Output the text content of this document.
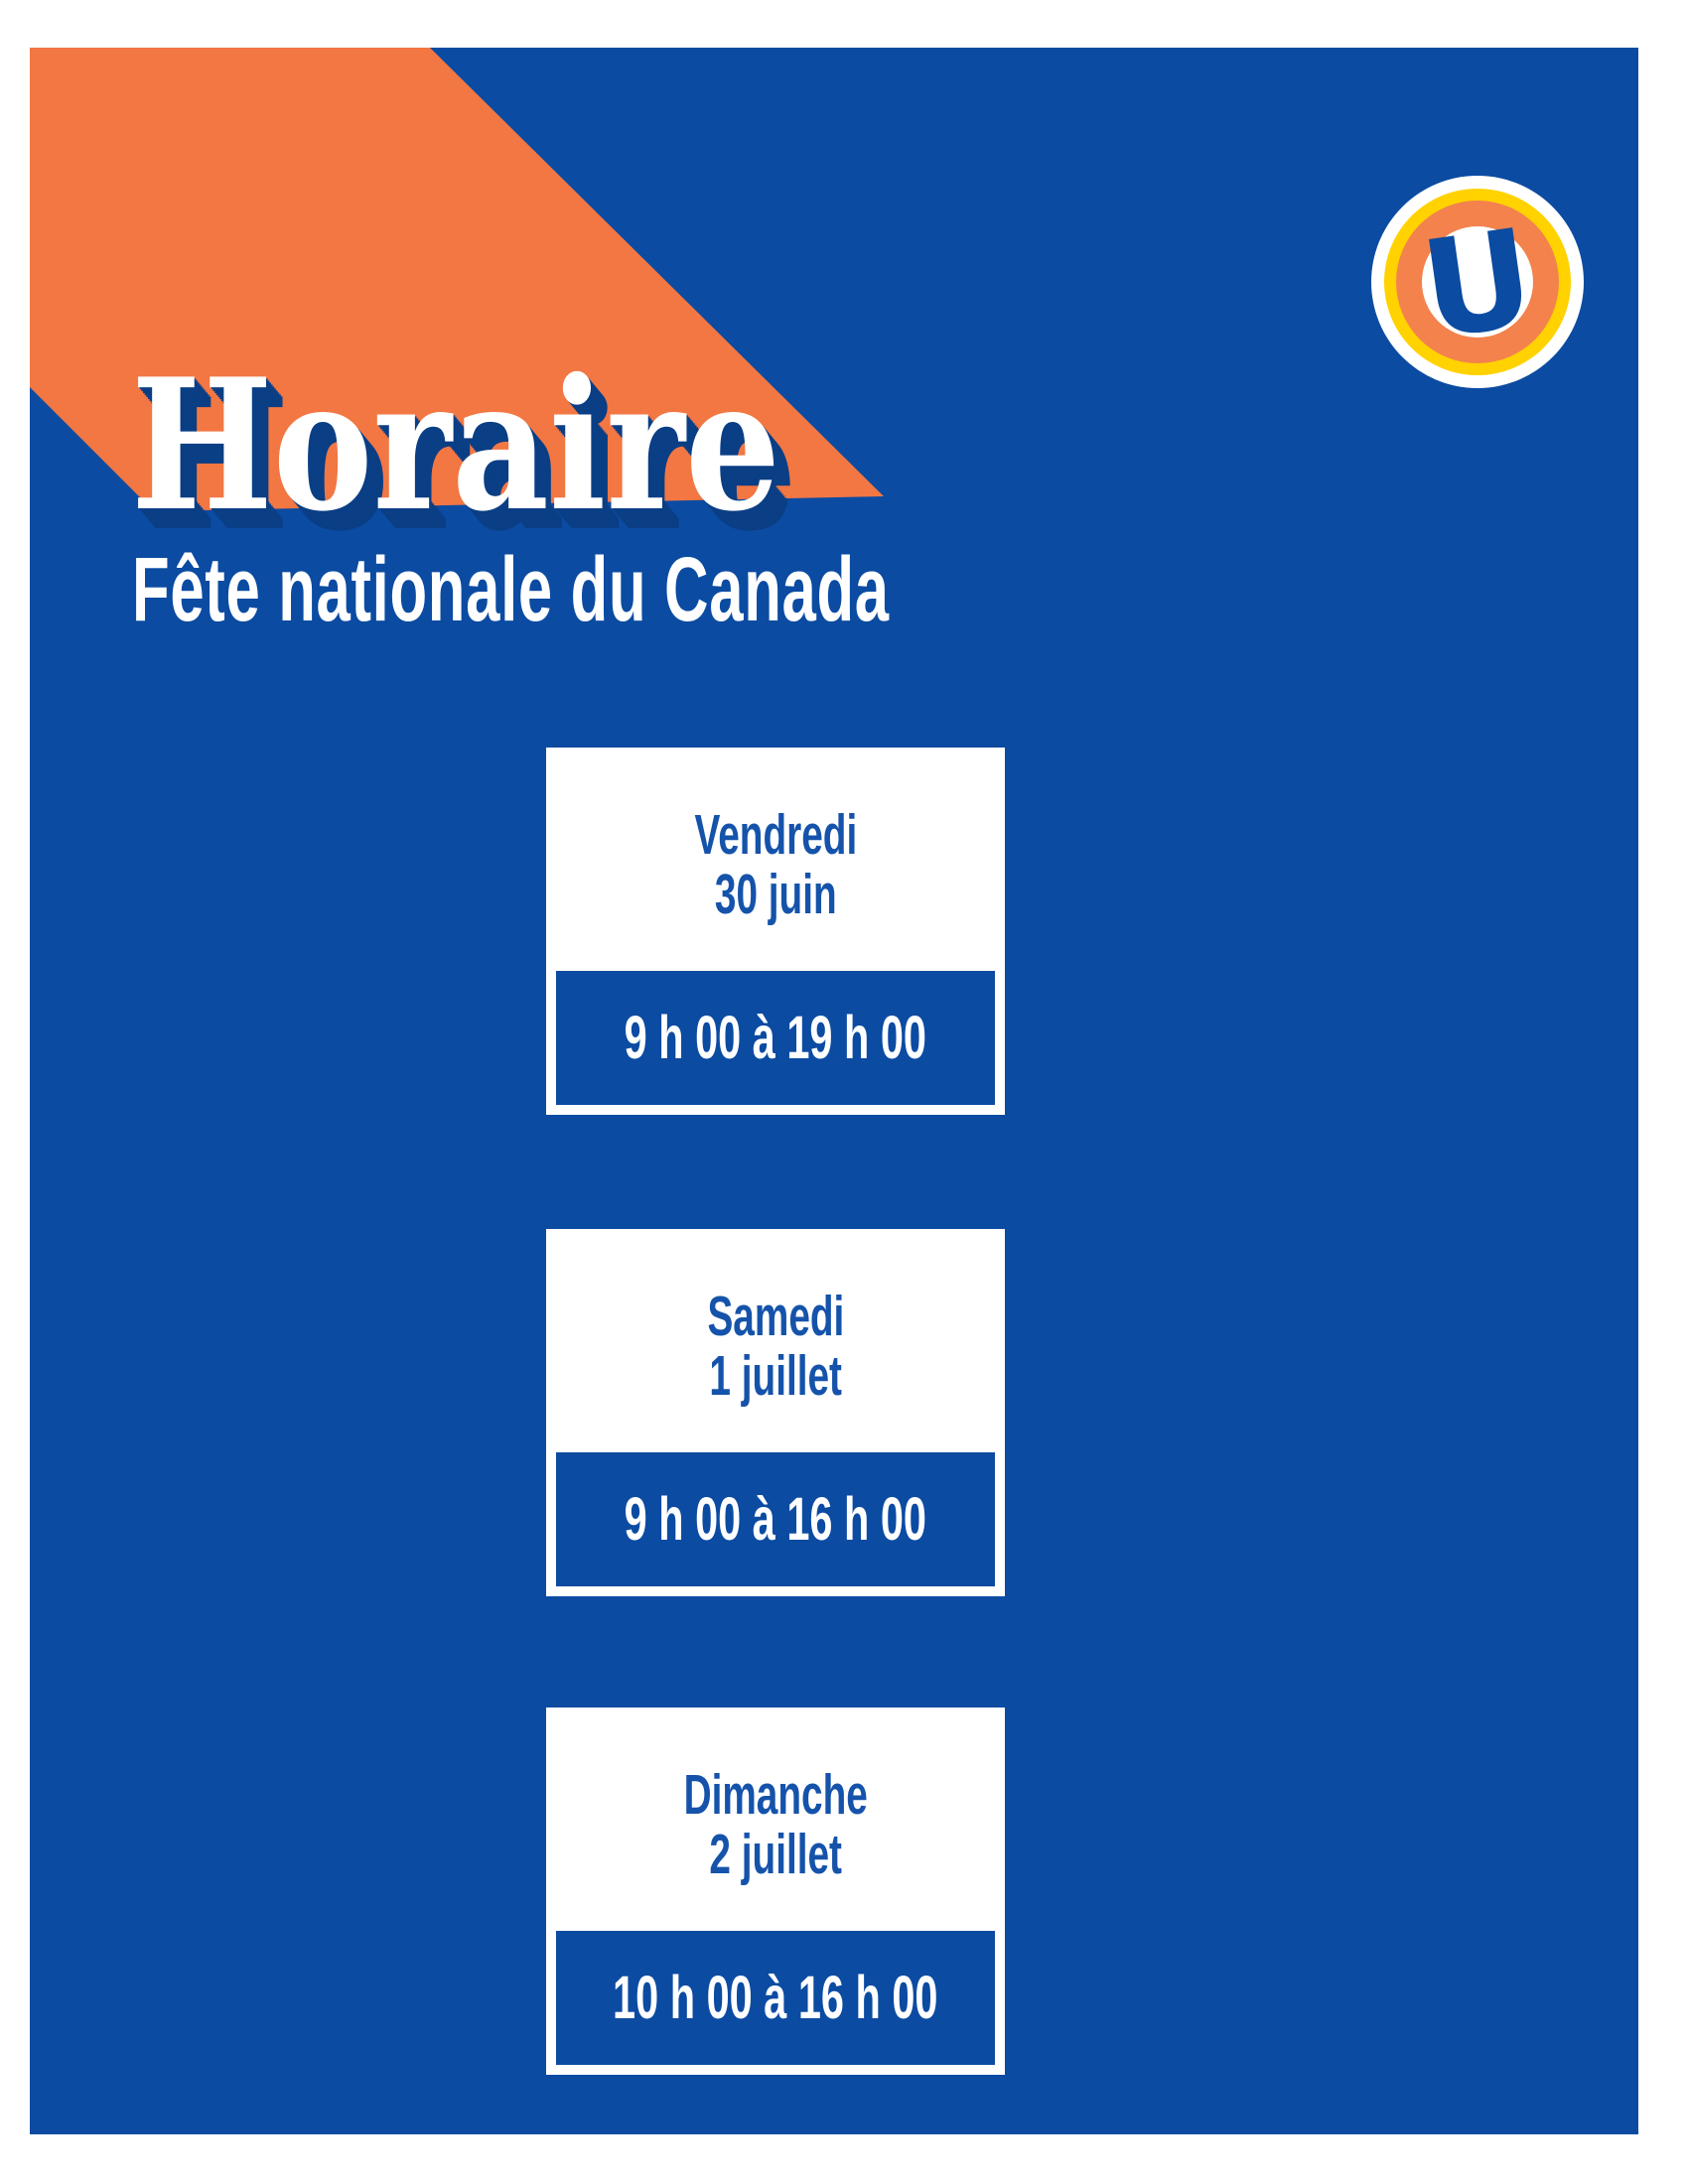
Horaire
Fête nationale du Canada
U
Vendredi
30 juin
9 h 00 à 19 h 00
Samedi
1 juillet
9 h 00 à 16 h 00
Dimanche
2 juillet
10 h 00 à 16 h 00
